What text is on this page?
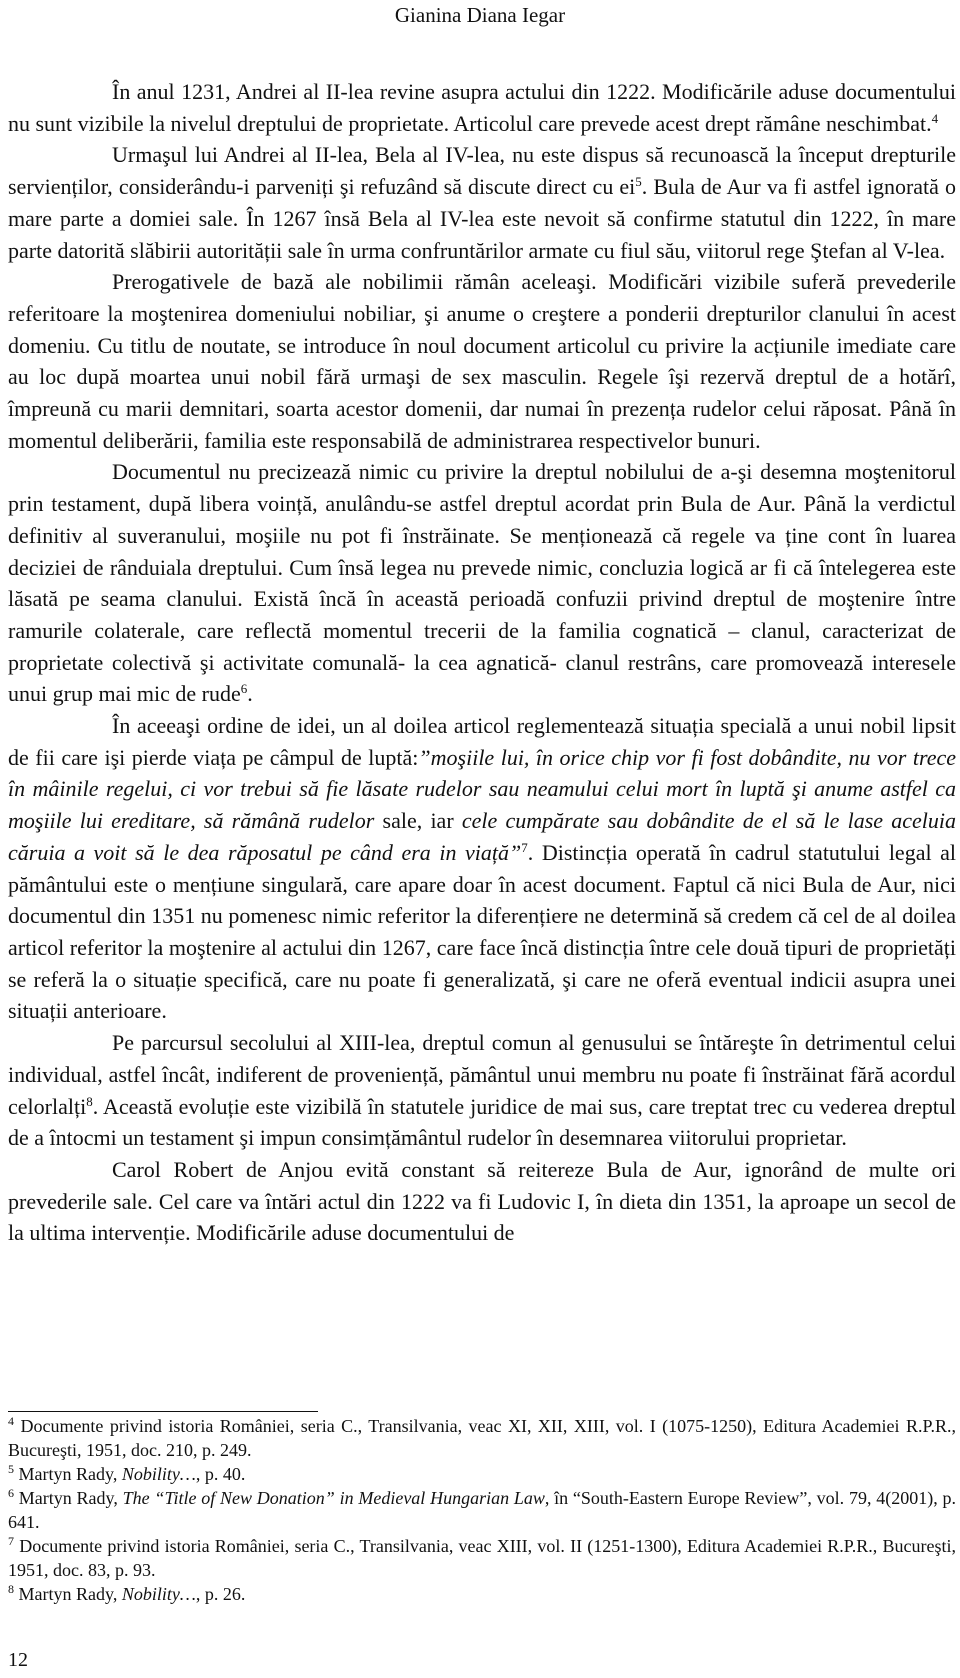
Gianina Diana Iegar

În anul 1231, Andrei al II-lea revine asupra actului din 1222. Modificările aduse documentului nu sunt vizibile la nivelul dreptului de proprietate. Articolul care prevede acest drept rămâne neschimbat.$^4$

Urmaşul lui Andrei al II-lea, Bela al IV-lea, nu este dispus să recunoască la început drepturile servienților, considerându-i parveniți şi refuzând să discute direct cu $ei^5$. Bula de Aur va fi astfel ignorată o mare parte a domiei sale. În 1267 însă Bela al IV-lea este nevoit să confirme statutul din 1222, în mare parte datorită slăbirii autorității sale în urma confruntărilor armate cu fiul său, viitorul rege Ştefan al V-lea.

Prerogativele de bază ale nobilimii rămân aceleaşi. Modificări vizibile suferă prevederile referitoare la moştenirea domeniului nobiliar, şi anume o creştere a ponderii drepturilor clanului în acest domeniu. Cu titlu de noutate, se introduce în noul document articolul cu privire la acțiunile imediate care au loc după moartea unui nobil fără urmaşi de sex masculin. Regele îşi rezervă dreptul de a hotărî, împreună cu marii demnitari, soarta acestor domenii, dar numai în prezența rudelor celui răposat. Până în momentul deliberării, familia este responsabilă de administrarea respectivelor bunuri.

Documentul nu precizează nimic cu privire la dreptul nobilului de a-şi desemna moştenitorul prin testament, după libera voință, anulându-se astfel dreptul acordat prin Bula de Aur. Până la verdictul definitiv al suveranului, moşiile nu pot fi înstrăinate. Se menționează că regele va ține cont în luarea deciziei de rânduiala dreptului. Cum însă legea nu prevede nimic, concluzia logică ar fi că întelegerea este lăsată pe seama clanului. Există încă în această perioadă confuzii privind dreptul de moştenire între ramurile colaterale, care reflectă momentul trecerii de la familia cognatică – clanul, caracterizat de proprietate colectivă şi activitate comunală- la cea agnatică- clanul restrâns, care promovează interesele unui grup mai mic de rude$^6$.

În aceeaşi ordine de idei, un al doilea articol reglementează situația specială a unui nobil lipsit de fii care işi pierde viața pe câmpul de luptă:”moşiile lui, în orice chip vor fi fost dobândite, nu vor trece în mâinile regelui, ci vor trebui să fie lăsate rudelor sau neamului celui mort în luptă şi anume astfel ca moşiile lui ereditare, să rămână rudelor sale, iar cele cumpărate sau dobândite de el să le lase aceluia căruia a voit să le dea răposatul pe când era in viață”$^7$. Distincția operată în cadrul statutului legal al pământului este o mențiune singulară, care apare doar în acest document. Faptul că nici Bula de Aur, nici documentul din 1351 nu pomenesc nimic referitor la diferențiere ne determină să credem că cel de al doilea articol referitor la moştenire al actului din 1267, care face încă distincția între cele două tipuri de proprietăți se referă la o situație specifică, care nu poate fi generalizată, şi care ne oferă eventual indicii asupra unei situații anterioare.

Pe parcursul secolului al XIII-lea, dreptul comun al genusului se întăreşte în detrimentul celui individual, astfel încât, indiferent de proveniență, pământul unui membru nu poate fi înstrăinat fără acordul celorlalți$^8$. Această evoluție este vizibilă în statutele juridice de mai sus, care treptat trec cu vederea dreptul de a întocmi un testament şi impun consimțământul rudelor în desemnarea viitorului proprietar.

Carol Robert de Anjou evită constant să reitereze Bula de Aur, ignorând de multe ori prevederile sale. Cel care va întări actul din 1222 va fi Ludovic I, în dieta din 1351, la aproape un secol de la ultima intervenție. Modificările aduse documentului de

$^4$ Documente privind istoria României, seria C., Transilvania, veac XI, XII, XIII, vol. I (1075-1250), Editura Academiei R.P.R., Bucureşti, 1951, doc. 210, p. 249.

$^5$ Martyn Rady, Nobility…, p. 40.

$^6$ Martyn Rady, The “Title of New Donation” in Medieval Hungarian Law, în “South-Eastern Europe Review”, vol. 79, 4(2001), p. 641.

$^7$ Documente privind istoria României, seria C., Transilvania, veac XIII, vol. II (1251-1300), Editura Academiei R.P.R., Bucureşti, 1951, doc. 83, p. 93.

$^8$ Martyn Rady, Nobility…, p. 26.

12
